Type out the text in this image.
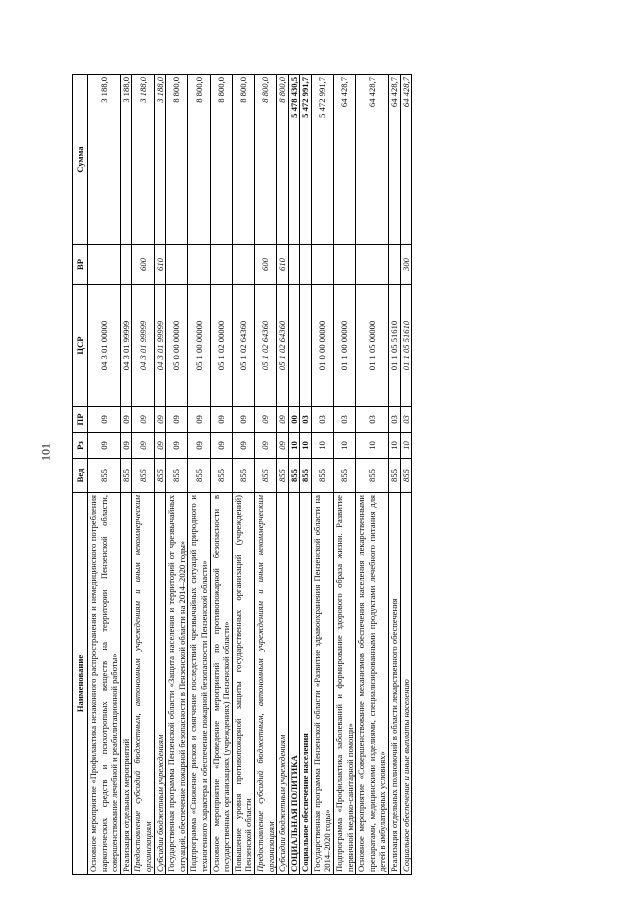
101
Наименование	Вед	Рз	ПР	ЦСР	ВР	Сумма
Основное мероприятие «Профилактика незаконного распространения и немедицинского потребления наркотических средств и психотропных веществ на территории Пензенской области, совершенствование лечебной и реабилитационной работы»	855	09	09	04 3 01 00000		3 188,0
Реализация отдельных мероприятий	855	09	09	04 3 01 99999		3 188,0
Предоставление субсидий бюджетным, автономным учреждениям и иным некоммерческим организациям	855	09	09	04 3 01 99999	600	3 188,0
Субсидии бюджетным учреждениям	855	09	09	04 3 01 99999	610	3 188,0
Государственная программа Пензенской области «Защита населения и территорий от чрезвычайных ситуаций, обеспечение пожарной безопасности в Пензенской области на 2014–2020 годы»	855	09	09	05 0 00 00000		8 800,0
Подпрограмма «Снижение рисков и смягчение последствий чрезвычайных ситуаций природного и техногенного характера и обеспечение пожарной безопасности Пензенской области»	855	09	09	05 1 00 00000		8 800,0
Основное мероприятие «Проведение мероприятий по противопожарной безопасности в государственных организациях (учреждениях) Пензенской области»	855	09	09	05 1 02 00000		8 800,0
Повышение уровня противопожарной защиты государственных организаций (учреждений) Пензенской области	855	09	09	05 1 02 64360		8 800,0
Предоставление субсидий бюджетным, автономным учреждениям и иным некоммерческим организациям	855	09	09	05 1 02 64360	600	8 800,0
Субсидии бюджетным учреждениям	855	09	09	05 1 02 64360	610	8 800,0
СОЦИАЛЬНАЯ ПОЛИТИКА	855	10	00			5 478 430,5
Социальное обеспечение населения	855	10	03			5 472 991,7
Государственная программа Пензенской области «Развитие здравоохранения Пензенской области на 2014–2020 годы»	855	10	03	01 0 00 00000		5 472 991,7
Подпрограмма «Профилактика заболеваний и формирование здорового образа жизни. Развитие первичной медико-санитарной помощи»	855	10	03	01 1 00 00000		64 428,7
Основное мероприятие «Совершенствование механизмов обеспечения населения лекарственными препаратами, медицинскими изделиями, специализированными продуктами лечебного питания для детей в амбулаторных условиях»	855	10	03	01 1 05 00000		64 428,7
Реализация отдельных полномочий в области лекарственного обеспечения	855	10	03	01 1 05 51610		64 428,7
Социальное обеспечение и иные выплаты населению	855	10	03	01 1 05 51610	300	64 428,7
